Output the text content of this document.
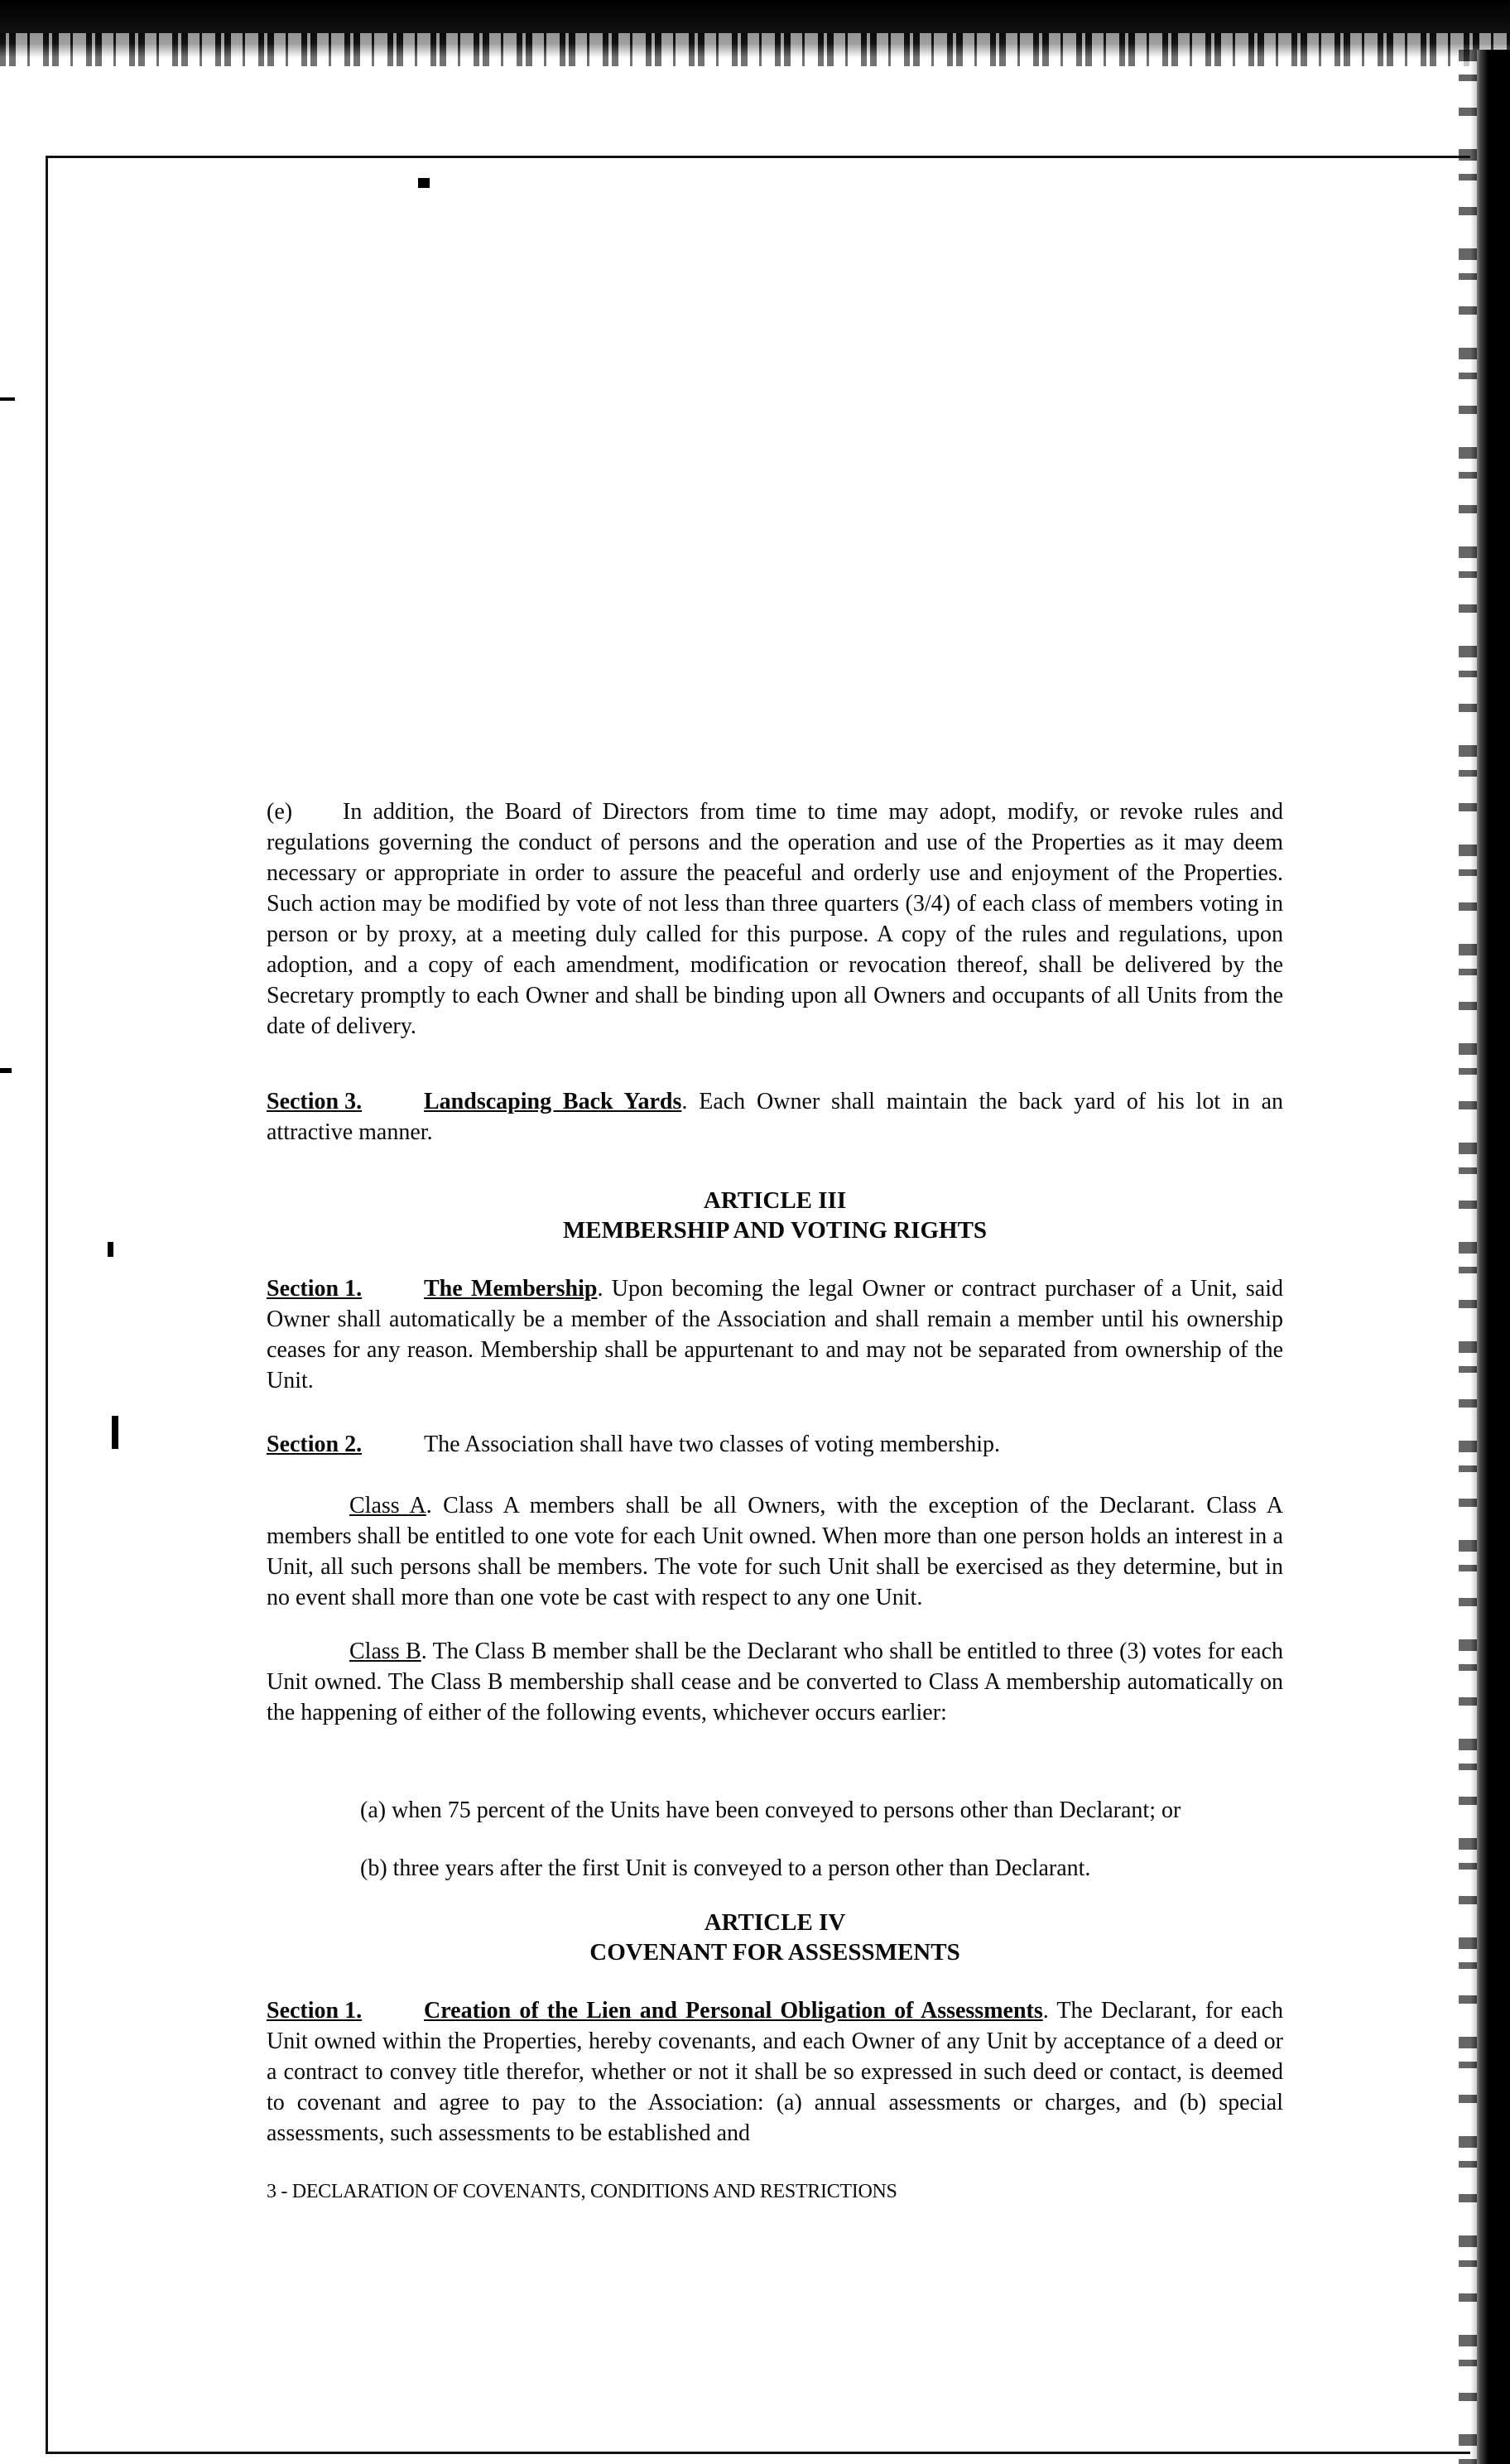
(e) In addition, the Board of Directors from time to time may adopt, modify, or revoke rules and regulations governing the conduct of persons and the operation and use of the Properties as it may deem necessary or appropriate in order to assure the peaceful and orderly use and enjoyment of the Properties. Such action may be modified by vote of not less than three quarters (3/4) of each class of members voting in person or by proxy, at a meeting duly called for this purpose. A copy of the rules and regulations, upon adoption, and a copy of each amendment, modification or revocation thereof, shall be delivered by the Secretary promptly to each Owner and shall be binding upon all Owners and occupants of all Units from the date of delivery.

Section 3.	Landscaping Back Yards. Each Owner shall maintain the back yard of his lot in an attractive manner.

ARTICLE III
MEMBERSHIP AND VOTING RIGHTS

Section 1.	The Membership. Upon becoming the legal Owner or contract purchaser of a Unit, said Owner shall automatically be a member of the Association and shall remain a member until his ownership ceases for any reason. Membership shall be appurtenant to and may not be separated from ownership of the Unit.

Section 2.	The Association shall have two classes of voting membership.

Class A. Class A members shall be all Owners, with the exception of the Declarant. Class A members shall be entitled to one vote for each Unit owned. When more than one person holds an interest in a Unit, all such persons shall be members. The vote for such Unit shall be exercised as they determine, but in no event shall more than one vote be cast with respect to any one Unit.

Class B. The Class B member shall be the Declarant who shall be entitled to three (3) votes for each Unit owned. The Class B membership shall cease and be converted to Class A membership automatically on the happening of either of the following events, whichever occurs earlier:

(a) when 75 percent of the Units have been conveyed to persons other than Declarant; or
(b) three years after the first Unit is conveyed to a person other than Declarant.
ARTICLE IV
COVENANT FOR ASSESSMENTS

Section 1.	Creation of the Lien and Personal Obligation of Assessments. The Declarant, for each Unit owned within the Properties, hereby covenants, and each Owner of any Unit by acceptance of a deed or a contract to convey title therefor, whether or not it shall be so expressed in such deed or contact, is deemed to covenant and agree to pay to the Association: (a) annual assessments or charges, and (b) special assessments, such assessments to be established and

3 - DECLARATION OF COVENANTS, CONDITIONS AND RESTRICTIONS
